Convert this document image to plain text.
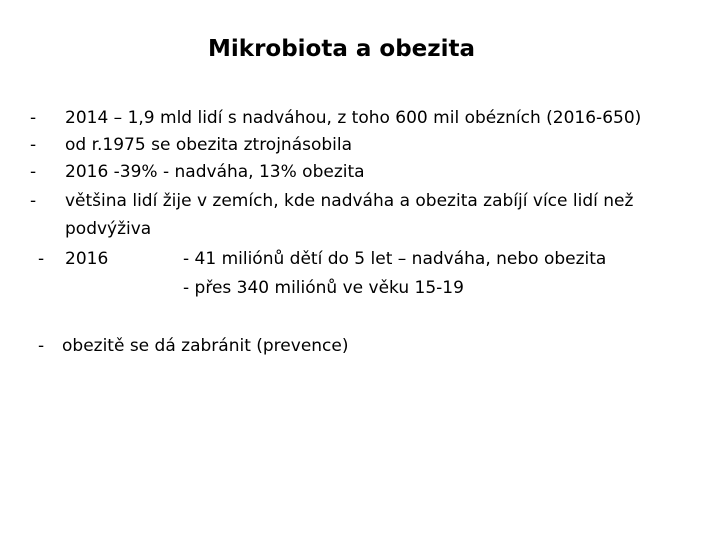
Mikrobiota a obezita
- 2014 – 1,9 mld lidí s nadváhou, z toho 600 mil obézních (2016-650)
- od r.1975 se obezita ztrojnásobila
- 2016 -39% - nadváha, 13% obezita
- většina lidí žije v zemích, kde nadváha a obezita zabíjí více lidí než
podvýživa
- 2016	- 41 miliónů dětí do 5 let – nadváha, nebo obezita
- přes 340 miliónů ve věku 15-19
- obezitě se dá zabránit (prevence)
